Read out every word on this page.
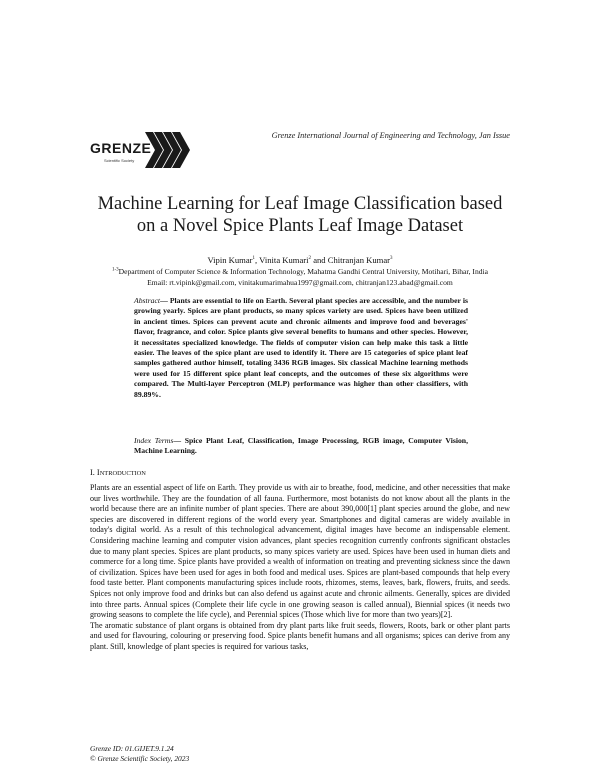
GRENZE
Scientific Society
Grenze International Journal of Engineering and Technology, Jan Issue
Machine Learning for Leaf Image Classification based
on a Novel Spice Plants Leaf Image Dataset
Vipin Kumar$^1$, Vinita Kumari$^2$ and Chitranjan Kumar$^3$
$^{1-3}$Department of Computer Science & Information Technology, Mahatma Gandhi Central University, Motihari, Bihar, India
Email: rt.vipink@gmail.com, vinitakumarimahua1997@gmail.com, chitranjan123.abad@gmail.com
Abstract— Plants are essential to life on Earth. Several plant species are accessible, and the number is growing yearly. Spices are plant products, so many spices variety are used. Spices have been utilized in ancient times. Spices can prevent acute and chronic ailments and improve food and beverages' flavor, fragrance, and color. Spice plants give several benefits to humans and other species. However, it necessitates specialized knowledge. The fields of computer vision can help make this task a little easier. The leaves of the spice plant are used to identify it. There are 15 categories of spice plant leaf samples gathered author himself, totaling 3436 RGB images. Six classical Machine learning methods were used for 15 different spice plant leaf concepts, and the outcomes of these six algorithms were compared. The Multi-layer Perceptron (MLP) performance was higher than other classifiers, with 89.89%.
Index Terms— Spice Plant Leaf, Classification, Image Processing, RGB image, Computer Vision, Machine Learning.
I. INTRODUCTION

Plants are an essential aspect of life on Earth. They provide us with air to breathe, food, medicine, and other necessities that make our lives worthwhile. They are the foundation of all fauna. Furthermore, most botanists do not know about all the plants in the world because there are an infinite number of plant species. There are about 390,000[1] plant species around the globe, and new species are discovered in different regions of the world every year. Smartphones and digital cameras are widely available in today's digital world. As a result of this technological advancement, digital images have become an indispensable element. Considering machine learning and computer vision advances, plant species recognition currently confronts significant obstacles due to many plant species. Spices are plant products, so many spices variety are used. Spices have been used in human diets and commerce for a long time. Spice plants have provided a wealth of information on treating and preventing sickness since the dawn of civilization. Spices have been used for ages in both food and medical uses. Spices are plant-based compounds that help every food taste better. Plant components manufacturing spices include roots, rhizomes, stems, leaves, bark, flowers, fruits, and seeds. Spices not only improve food and drinks but can also defend us against acute and chronic ailments. Generally, spices are divided into three parts. Annual spices (Complete their life cycle in one growing season is called annual), Biennial spices (it needs two growing seasons to complete the life cycle), and Perennial spices (Those which live for more than two years)[2].

The aromatic substance of plant organs is obtained from dry plant parts like fruit seeds, flowers, Roots, bark or other plant parts and used for flavouring, colouring or preserving food. Spice plants benefit humans and all organisms; spices can derive from any plant. Still, knowledge of plant species is required for various tasks,

Grenze ID: 01.GIJET.9.1.24
© Grenze Scientific Society, 2023
